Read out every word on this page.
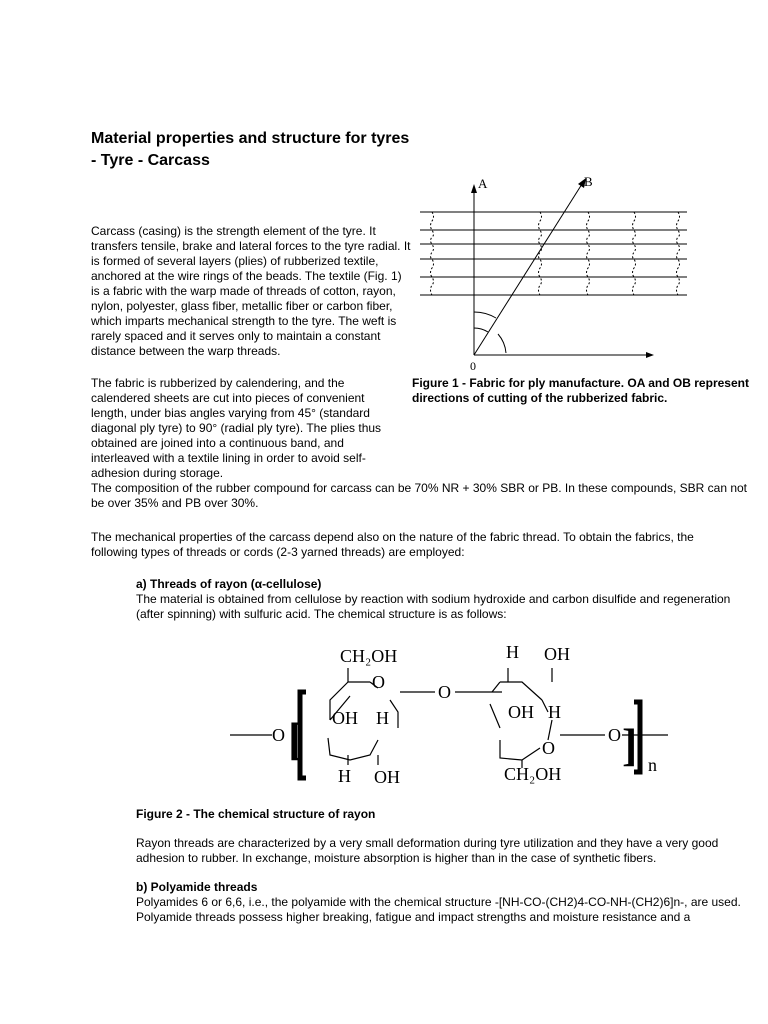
Material properties and structure for tyres - Tyre - Carcass

Carcass (casing) is the strength element of the tyre. It transfers tensile, brake and lateral forces to the tyre radial. It is formed of several layers (plies) of rubberized textile, anchored at the wire rings of the beads. The textile (Fig. 1) is a fabric with the warp made of threads of cotton, rayon, nylon, polyester, glass fiber, metallic fiber or carbon fiber, which imparts mechanical strength to the tyre. The weft is rarely spaced and it serves only to maintain a constant distance between the warp threads.

A	B
0

Figure 1 - Fabric for ply manufacture. OA and OB represent directions of cutting of the rubberized fabric.

The fabric is rubberized by calendering, and the calendered sheets are cut into pieces of convenient length, under bias angles varying from 45° (standard diagonal ply tyre) to 90° (radial ply tyre). The plies thus obtained are joined into a continuous band, and interleaved with a textile lining in order to avoid self-adhesion during storage.

The composition of the rubber compound for carcass can be 70% NR + 30% SBR or PB. In these compounds, SBR can not be over 35% and PB over 30%.

The mechanical properties of the carcass depend also on the nature of the fabric thread. To obtain the fabrics, the following types of threads or cords (2-3 yarned threads) are employed:

a) Threads of rayon (α-cellulose)

The material is obtained from cellulose by reaction with sodium hydroxide and carbon disulfide and regeneration (after spinning) with sulfuric acid. The chemical structure is as follows:

CH₂OH
O
O
OH H
H OH
O
H OH
OH H
O
CH₂OH
O
n
[	]

Figure 2 - The chemical structure of rayon

Rayon threads are characterized by a very small deformation during tyre utilization and they have a very good adhesion to rubber. In exchange, moisture absorption is higher than in the case of synthetic fibers.

b) Polyamide threads

Polyamides 6 or 6,6, i.e., the polyamide with the chemical structure -[NH-CO-(CH2)4-CO-NH-(CH2)6]n-, are used. Polyamide threads possess higher breaking, fatigue and impact strengths and moisture resistance and a
